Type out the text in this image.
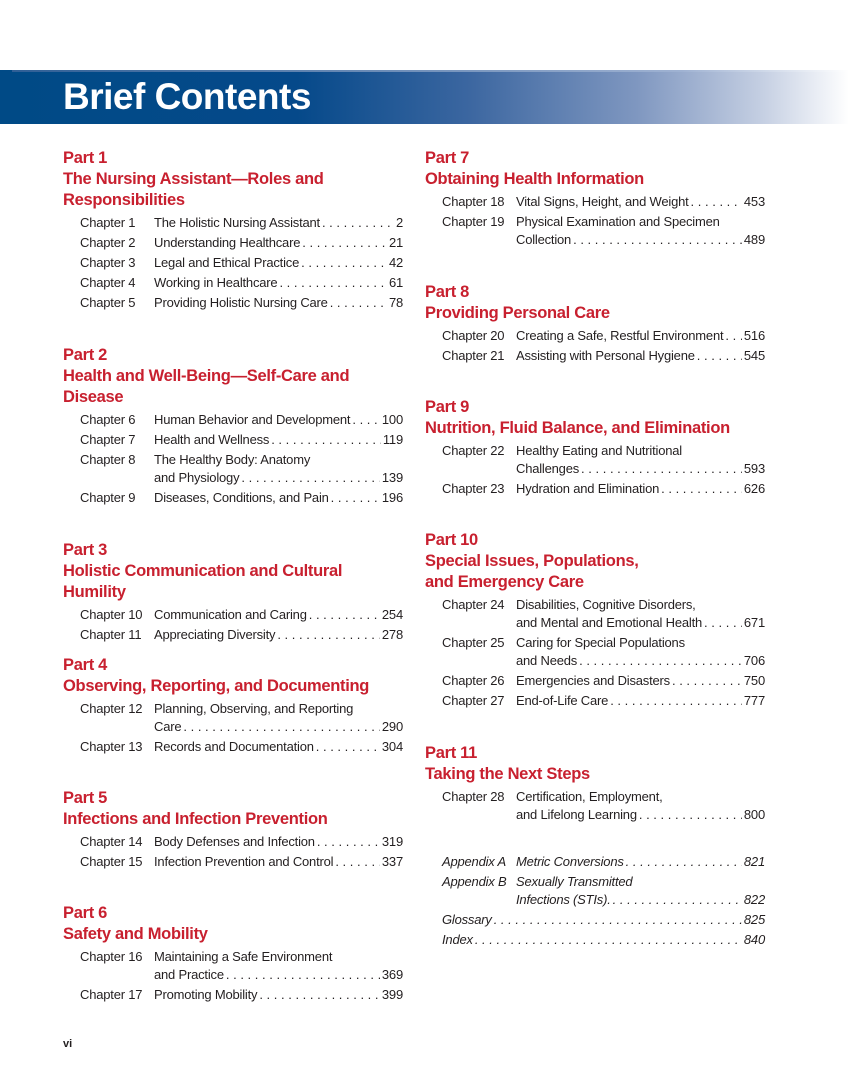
Brief Contents
Part 1
The Nursing Assistant—Roles and
Responsibilities
Chapter 1 The Holistic Nursing Assistant . . .	2
Chapter 2 Understanding Healthcare . . .	21
Chapter 3 Legal and Ethical Practice . . .	42
Chapter 4 Working in Healthcare . . .	61
Chapter 5 Providing Holistic Nursing Care . . .	78
Part 2
Health and Well-Being—Self-Care and
Disease
Chapter 6 Human Behavior and Development . . . 100
Chapter 7 Health and Wellness . . .	119
Chapter 8 The Healthy Body: Anatomy
and Physiology . . .	139
Chapter 9 Diseases, Conditions, and Pain . . .	196
Part 3
Holistic Communication and Cultural Humility
Chapter 10 Communication and Caring . . .	254
Chapter 11 Appreciating Diversity . . .	278
Part 4
Observing, Reporting, and Documenting
Chapter 12 Planning, Observing, and Reporting
Care . . .	290
Chapter 13 Records and Documentation . . .	304
Part 5
Infections and Infection Prevention
Chapter 14 Body Defenses and Infection . . .	319
Chapter 15 Infection Prevention and Control . . .	337
Part 6
Safety and Mobility
Chapter 16 Maintaining a Safe Environment
and Practice . . .	369
Chapter 17 Promoting Mobility . . .	399
Part 7
Obtaining Health Information
Chapter 18 Vital Signs, Height, and Weight . . .	453
Chapter 19 Physical Examination and Specimen
Collection . . .	489
Part 8
Providing Personal Care
Chapter 20 Creating a Safe, Restful Environment . . . 516
Chapter 21 Assisting with Personal Hygiene . . .	545
Part 9
Nutrition, Fluid Balance, and Elimination
Chapter 22 Healthy Eating and Nutritional
Challenges . . .	593
Chapter 23 Hydration and Elimination . . .	626
Part 10
Special Issues, Populations,
and Emergency Care
Chapter 24 Disabilities, Cognitive Disorders,
and Mental and Emotional Health . . .	671
Chapter 25 Caring for Special Populations
and Needs . . .	706
Chapter 26 Emergencies and Disasters . . .	750
Chapter 27 End-of-Life Care . . .	777
Part 11
Taking the Next Steps
Chapter 28 Certification, Employment,
and Lifelong Learning . . .	800
Appendix A Metric Conversions . . .	821
Appendix B Sexually Transmitted
Infections (STIs). . . .	822
Glossary . . .	825
Index . . .	840
vi
